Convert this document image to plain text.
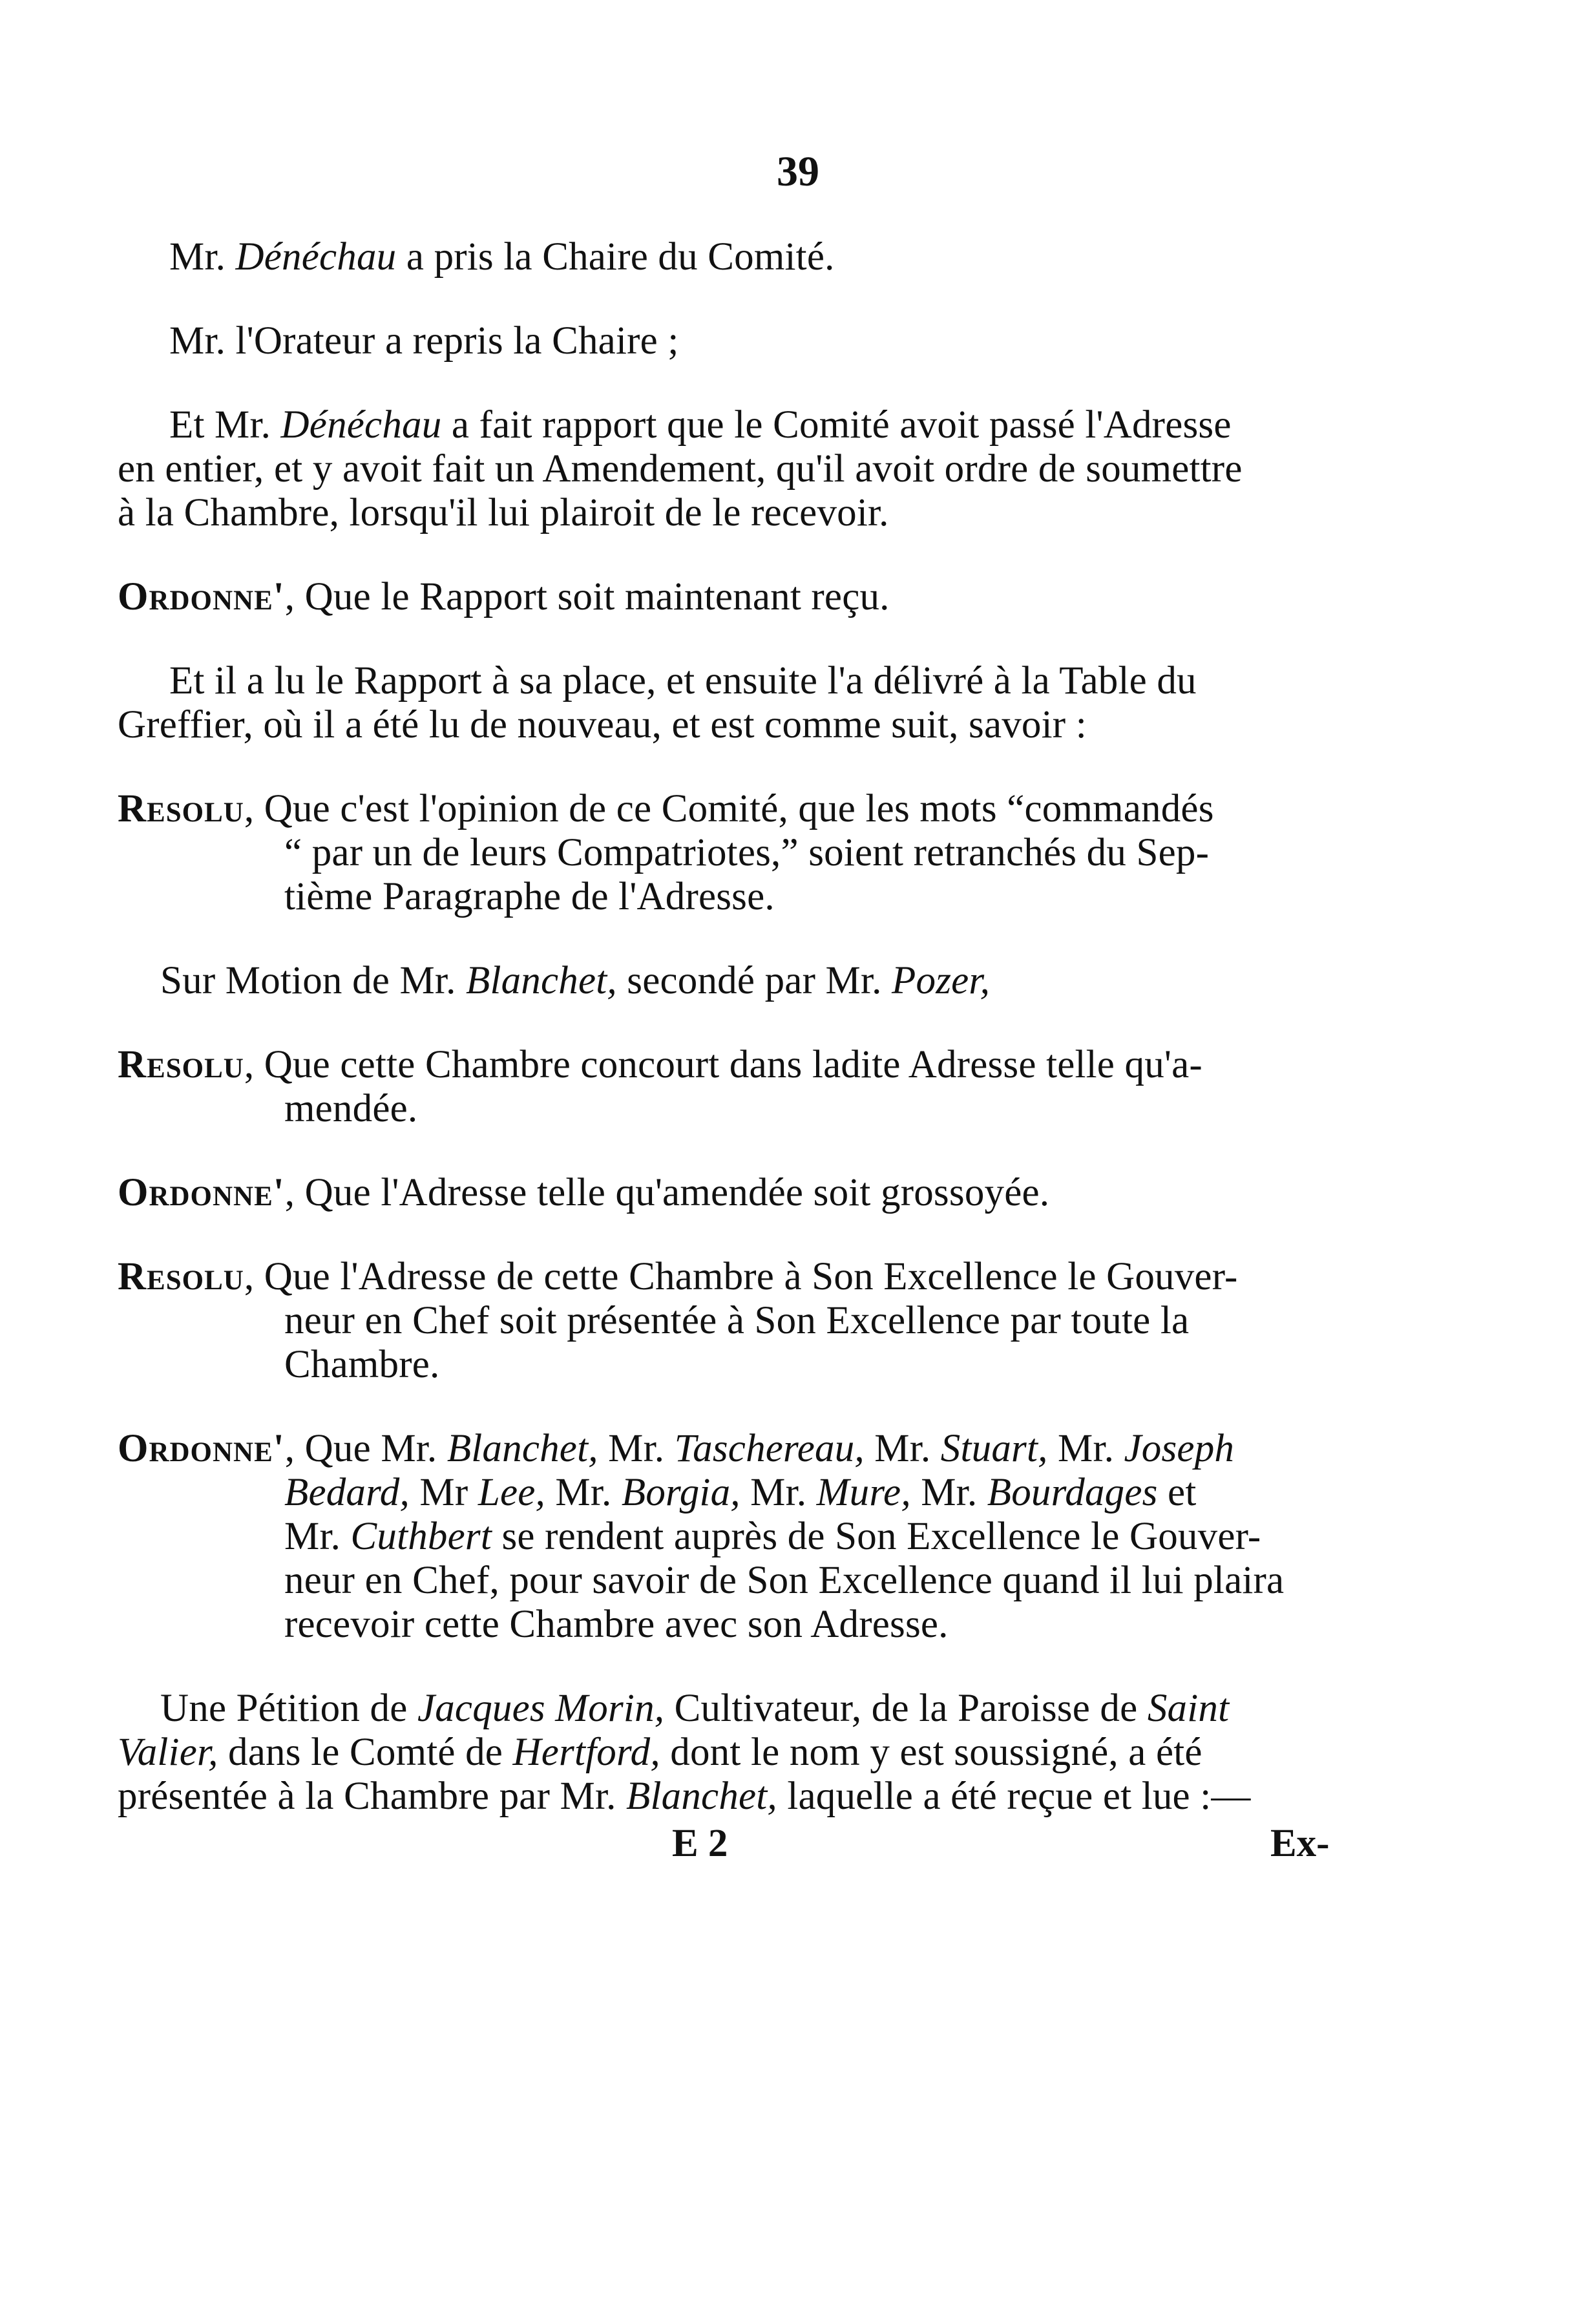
39
Mr. Dénéchau a pris la Chaire du Comité.
Mr. l'Orateur a repris la Chaire ;
Et Mr. Dénéchau a fait rapport que le Comité avoit passé l'Adresse
en entier, et y avoit fait un Amendement, qu'il avoit ordre de soumettre
à la Chambre, lorsqu'il lui plairoit de le recevoir.
Ordonne', Que le Rapport soit maintenant reçu.
Et il a lu le Rapport à sa place, et ensuite l'a délivré à la Table du
Greffier, où il a été lu de nouveau, et est comme suit, savoir :
Resolu, Que c'est l'opinion de ce Comité, que les mots “commandés
“ par un de leurs Compatriotes,” soient retranchés du Sep-
tième Paragraphe de l'Adresse.
Sur Motion de Mr. Blanchet, secondé par Mr. Pozer,
Resolu, Que cette Chambre concourt dans ladite Adresse telle qu'a-
mendée.
Ordonne', Que l'Adresse telle qu'amendée soit grossoyée.
Resolu, Que l'Adresse de cette Chambre à Son Excellence le Gouver-
neur en Chef soit présentée à Son Excellence par toute la
Chambre.
Ordonne', Que Mr. Blanchet, Mr. Taschereau, Mr. Stuart, Mr. Joseph
Bedard, Mr Lee, Mr. Borgia, Mr. Mure, Mr. Bourdages et
Mr. Cuthbert se rendent auprès de Son Excellence le Gouver-
neur en Chef, pour savoir de Son Excellence quand il lui plaira
recevoir cette Chambre avec son Adresse.
Une Pétition de Jacques Morin, Cultivateur, de la Paroisse de Saint
Valier, dans le Comté de Hertford, dont le nom y est soussigné, a été
présentée à la Chambre par Mr. Blanchet, laquelle a été reçue et lue :—
E 2	Ex-
